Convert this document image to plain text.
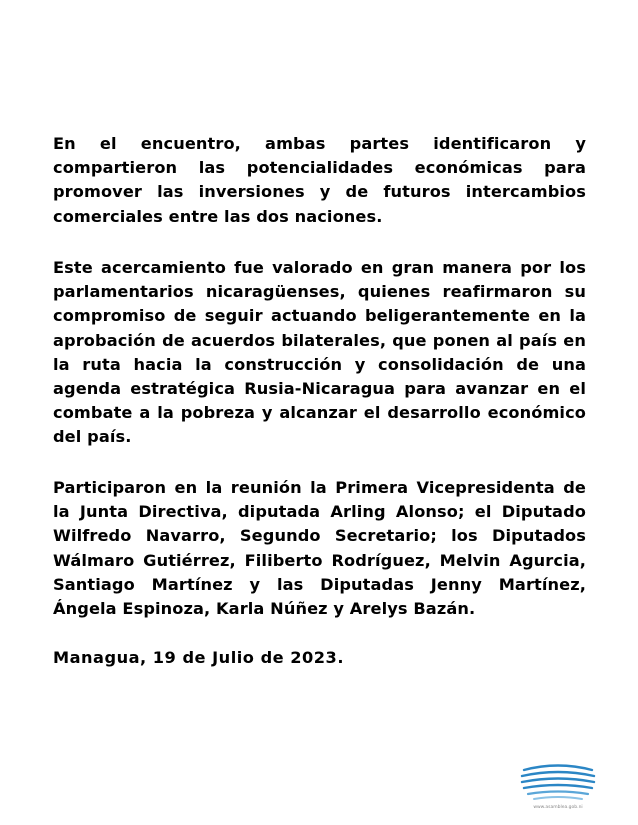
En el encuentro, ambas partes identificaron y compartieron las potencialidades económicas para promover las inversiones y de futuros intercambios comerciales entre las dos naciones.

Este acercamiento fue valorado en gran manera por los parlamentarios nicaragüenses, quienes reafirmaron su compromiso de seguir actuando beligerantemente en la aprobación de acuerdos bilaterales, que ponen al país en la ruta hacia la construcción y consolidación de una agenda estratégica Rusia-Nicaragua para avanzar en el combate a la pobreza y alcanzar el desarrollo económico del país.

Participaron en la reunión la Primera Vicepresidenta de la Junta Directiva, diputada Arling Alonso; el Diputado Wilfredo Navarro, Segundo Secretario; los Diputados Wálmaro Gutiérrez, Filiberto Rodríguez, Melvin Agurcia, Santiago Martínez y las Diputadas Jenny Martínez, Ángela Espinoza, Karla Núñez y Arelys Bazán.

Managua, 19 de Julio de 2023.

www.asamblea.gob.ni
